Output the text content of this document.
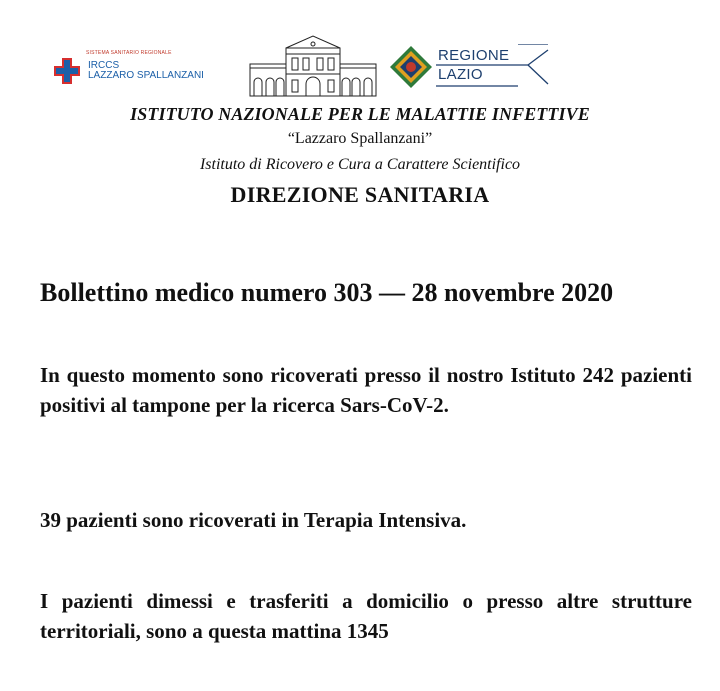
SISTEMA SANITARIO REGIONALE
IRCCS
LAZZARO SPALLANZANI
REGIONE
LAZIO
ISTITUTO NAZIONALE PER LE MALATTIE INFETTIVE
“Lazzaro Spallanzani”
Istituto di Ricovero e Cura a Carattere Scientifico
DIREZIONE SANITARIA
Bollettino medico numero 303 — 28 novembre 2020
In questo momento sono ricoverati presso il nostro Istituto 242 pazienti positivi al tampone per la ricerca Sars-CoV-2.
39 pazienti sono ricoverati in Terapia Intensiva.
I pazienti dimessi e trasferiti a domicilio o presso altre strutture territoriali, sono a questa mattina 1345
